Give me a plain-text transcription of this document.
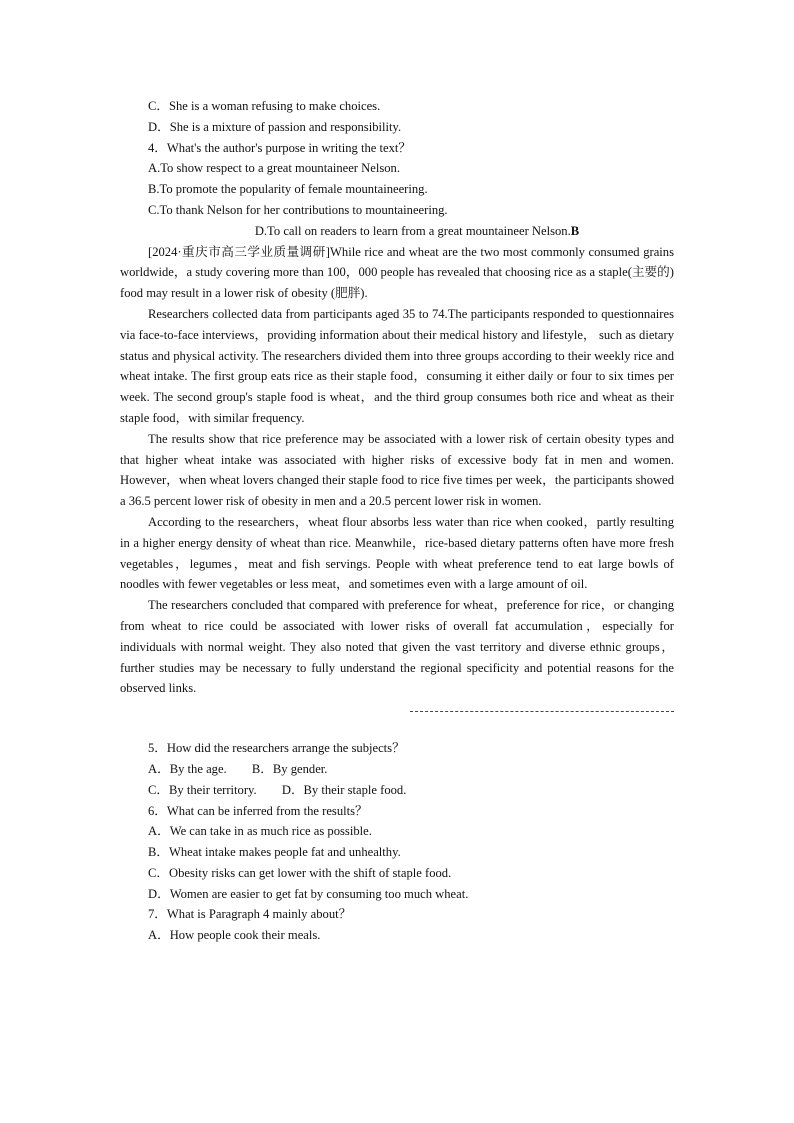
C．She is a woman refusing to make choices.
D．She is a mixture of passion and responsibility.
4．What's the author's purpose in writing the text？
A.To show respect to a great mountaineer Nelson.
B.To promote the popularity of female mountaineering.
C.To thank Nelson for her contributions to mountaineering.
D.To call on readers to learn from a great mountaineer Nelson.B

[2024·重庆市高三学业质量调研]While rice and wheat are the two most commonly consumed grains worldwide，a study covering more than 100，000 people has revealed that choosing rice as a staple(主要的) food may result in a lower risk of obesity (肥胖).

Researchers collected data from participants aged 35 to 74.The participants responded to questionnaires via face-to-face interviews，providing information about their medical history and lifestyle， such as dietary status and physical activity. The researchers divided them into three groups according to their weekly rice and wheat intake. The first group eats rice as their staple food，consuming it either daily or four to six times per week. The second group's staple food is wheat，and the third group consumes both rice and wheat as their staple food，with similar frequency.

The results show that rice preference may be associated with a lower risk of certain obesity types and that higher wheat intake was associated with higher risks of excessive body fat in men and women. However，when wheat lovers changed their staple food to rice five times per week，the participants showed a 36.5 percent lower risk of obesity in men and a 20.5 percent lower risk in women.

According to the researchers，wheat flour absorbs less water than rice when cooked，partly resulting in a higher energy density of wheat than rice. Meanwhile，rice-based dietary patterns often have more fresh vegetables，legumes，meat and fish servings. People with wheat preference tend to eat large bowls of noodles with fewer vegetables or less meat，and sometimes even with a large amount of oil.

The researchers concluded that compared with preference for wheat，preference for rice，or changing from wheat to rice could be associated with lower risks of overall fat accumulation，especially for individuals with normal weight. They also noted that given the vast territory and diverse ethnic groups，further studies may be necessary to fully understand the regional specificity and potential reasons for the observed links.

5．How did the researchers arrange the subjects？
A．By the age.　　B．By gender.
C．By their territory.　　D．By their staple food.
6．What can be inferred from the results？
A．We can take in as much rice as possible.
B．Wheat intake makes people fat and unhealthy.
C．Obesity risks can get lower with the shift of staple food.
D．Women are easier to get fat by consuming too much wheat.
7．What is Paragraph 4 mainly about？
A．How people cook their meals.
